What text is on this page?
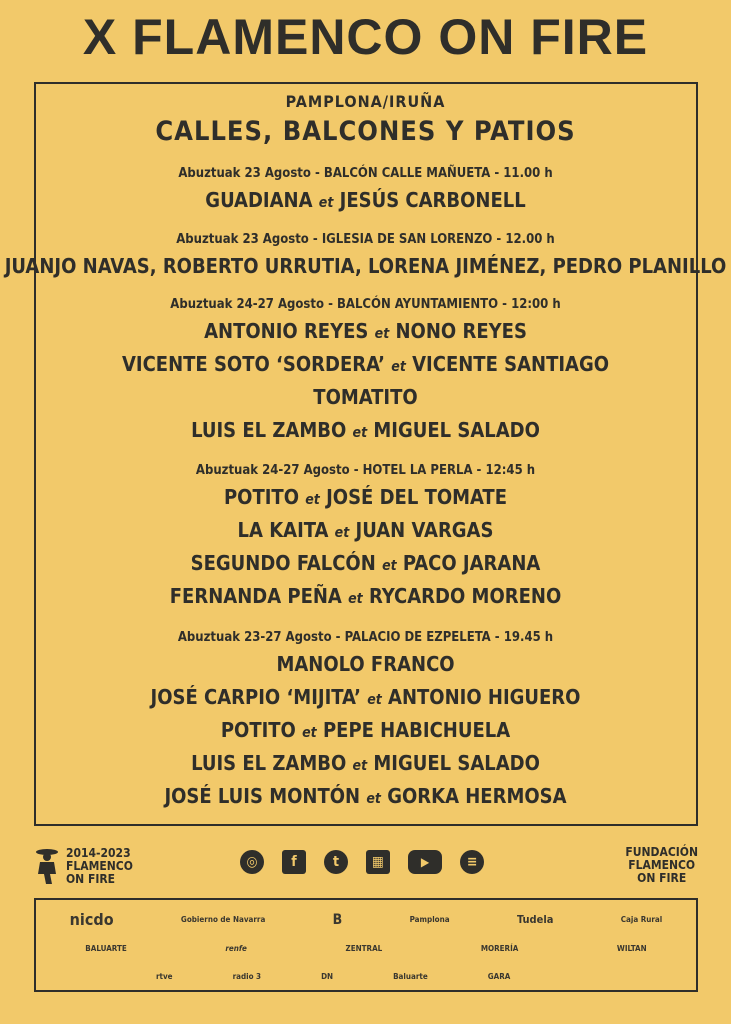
X FLAMENCO ON FIRE
PAMPLONA/IRUÑA
CALLES, BALCONES Y PATIOS
Abuztuak 23 Agosto - BALCÓN CALLE MAÑUETA - 11.00 h
GUADIANA et JESÚS CARBONELL
Abuztuak 23 Agosto - IGLESIA DE SAN LORENZO - 12.00 h
JUANJO NAVAS, ROBERTO URRUTIA, LORENA JIMÉNEZ, PEDRO PLANILLO
Abuztuak 24-27 Agosto - BALCÓN AYUNTAMIENTO - 12:00 h
ANTONIO REYES et NONO REYES
VICENTE SOTO ‘SORDERA’ et VICENTE SANTIAGO
TOMATITO
LUIS EL ZAMBO et MIGUEL SALADO
Abuztuak 24-27 Agosto - HOTEL LA PERLA - 12:45 h
POTITO et JOSÉ DEL TOMATE
LA KAITA et JUAN VARGAS
SEGUNDO FALCÓN et PACO JARANA
FERNANDA PEÑA et RYCARDO MORENO
Abuztuak 23-27 Agosto - PALACIO DE EZPELETA - 19.45 h
MANOLO FRANCO
JOSÉ CARPIO ‘MIJITA’ et ANTONIO HIGUERO
POTITO et PEPE HABICHUELA
LUIS EL ZAMBO et MIGUEL SALADO
JOSÉ LUIS MONTÓN et GORKA HERMOSA
2014-2023
FLAMENCO
ON FIRE
◎	f	t	▦	▶	≡
FUNDACIÓN
FLAMENCO
ON FIRE
nicdo	Gobierno de Navarra	B	Pamplona	Tudela	Caja Rural
BALUARTE	renfe	ZENTRAL	MORERÍA	WILTAN
rtve	radio 3	DN	Baluarte	GARA
